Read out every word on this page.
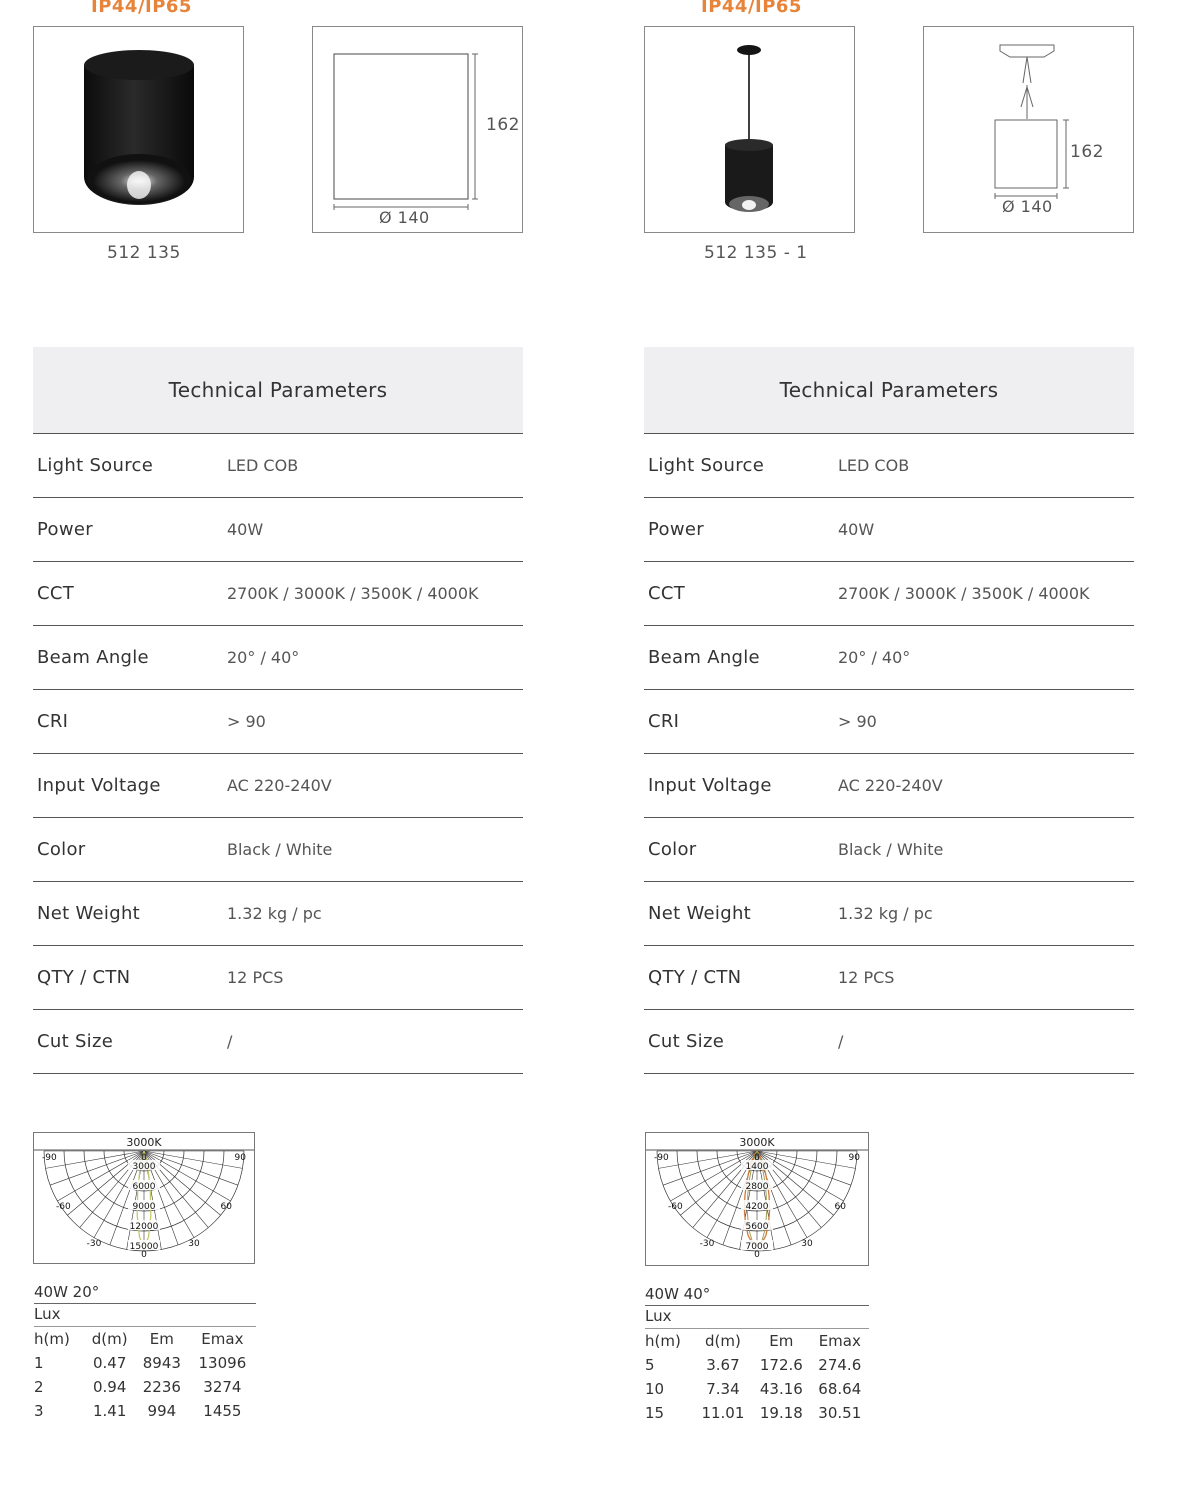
IP44/IP65
162
Ø 140
512 135
Technical Parameters
Light Source	LED COB
Power	40W
CCT	2700K / 3000K / 3500K / 4000K
Beam Angle	20° / 40°
CRI	> 90
Input Voltage	AC 220-240V
Color	Black / White
Net Weight	1.32 kg / pc
QTY / CTN	12 PCS
Cut Size	/
3000K
3000
6000
9000
12000
15000
-90	90
-60	60
-30	30
0
0
40W 20°
Lux
h(m)	d(m)	Em	Emax
1	0.47	8943	13096
2	0.94	2236	3274
3	1.41	994	1455
IP44/IP65
162
Ø 140
512 135 - 1
Technical Parameters
Light Source	LED COB
Power	40W
CCT	2700K / 3000K / 3500K / 4000K
Beam Angle	20° / 40°
CRI	> 90
Input Voltage	AC 220-240V
Color	Black / White
Net Weight	1.32 kg / pc
QTY / CTN	12 PCS
Cut Size	/
3000K
1400
2800
4200
5600
7000
-90	90
-60	60
-30	30
0
0
40W 40°
Lux
h(m)	d(m)	Em	Emax
5	3.67	172.6	274.6
10	7.34	43.16	68.64
15	11.01	19.18	30.51
